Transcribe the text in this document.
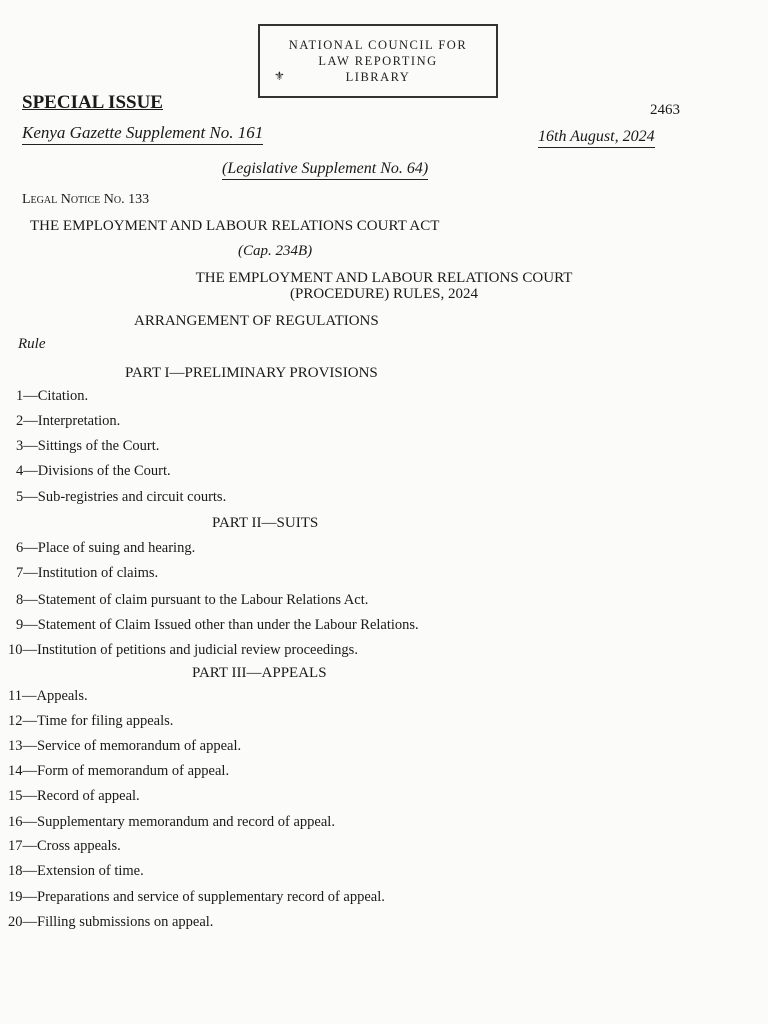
NATIONAL COUNCIL FOR
LAW REPORTING
LIBRARY
⚜
SPECIAL ISSUE	2463
Kenya Gazette Supplement No. 161	16th August, 2024
(Legislative Supplement No. 64)
Legal Notice No. 133
THE EMPLOYMENT AND LABOUR RELATIONS COURT ACT
(Cap. 234B)
THE EMPLOYMENT AND LABOUR RELATIONS COURT
(PROCEDURE) RULES, 2024
ARRANGEMENT OF REGULATIONS
Rule
PART I—PRELIMINARY PROVISIONS
1—Citation.
2—Interpretation.
3—Sittings of the Court.
4—Divisions of the Court.
5—Sub-registries and circuit courts.
PART II—SUITS
6—Place of suing and hearing.
7—Institution of claims.
8—Statement of claim pursuant to the Labour Relations Act.
9—Statement of Claim Issued other than under the Labour Relations.
10—Institution of petitions and judicial review proceedings.
PART III—APPEALS
11—Appeals.
12—Time for filing appeals.
13—Service of memorandum of appeal.
14—Form of memorandum of appeal.
15—Record of appeal.
16—Supplementary memorandum and record of appeal.
17—Cross appeals.
18—Extension of time.
19—Preparations and service of supplementary record of appeal.
20—Filling submissions on appeal.
